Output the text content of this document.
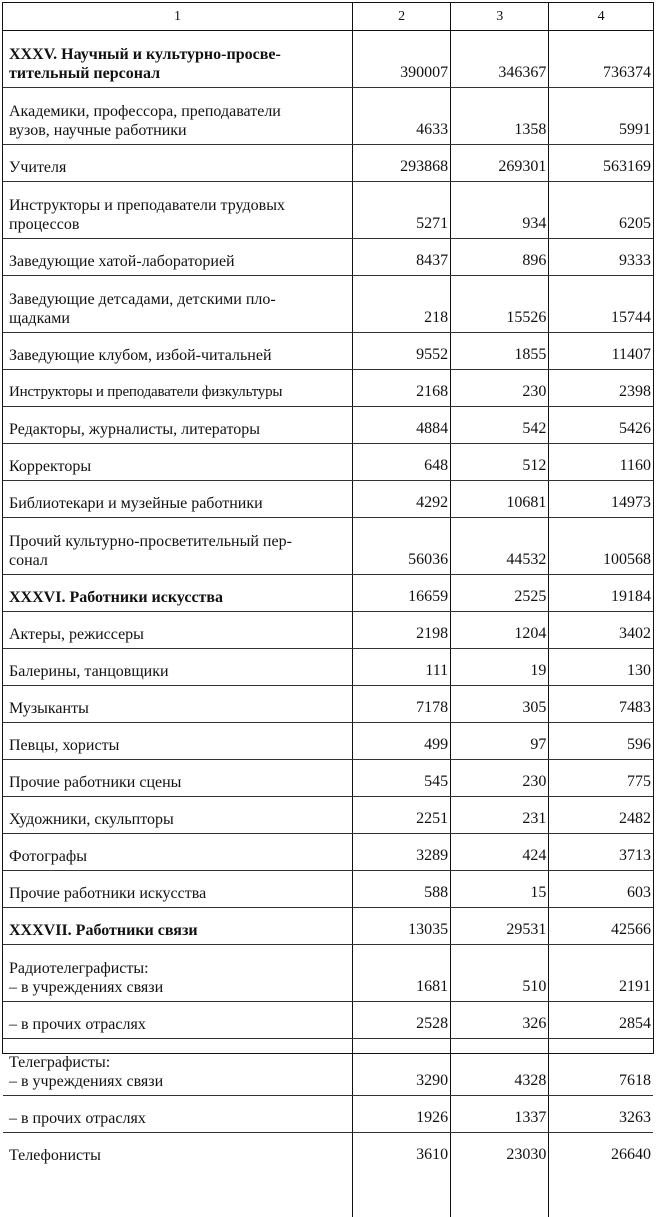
1	2	3	4

XXXV. Научный и культурно-просве-
тительный персонал	390007	346367	736374

Академики, профессора, преподаватели
вузов, научные работники	4633	1358	5991

Учителя	293868	269301	563169

Инструкторы и преподаватели трудовых
процессов	5271	934	6205

Заведующие хатой-лабораторией	8437	896	9333

Заведующие детсадами, детскими пло-
щадками	218	15526	15744

Заведующие клубом, избой-читальней	9552	1855	11407

Инструкторы и преподаватели физкультуры	2168	230	2398

Редакторы, журналисты, литераторы	4884	542	5426

Корректоры	648	512	1160

Библиотекари и музейные работники	4292	10681	14973

Прочий культурно-просветительный пер-
сонал	56036	44532	100568

XXXVI. Работники искусства	16659	2525	19184

Актеры, режиссеры	2198	1204	3402

Балерины, танцовщики	111	19	130

Музыканты	7178	305	7483

Певцы, хористы	499	97	596

Прочие работники сцены	545	230	775

Художники, скульпторы	2251	231	2482

Фотографы	3289	424	3713

Прочие работники искусства	588	15	603

XXXVII. Работники связи	13035	29531	42566

Радиотелеграфисты:
– в учреждениях связи	1681	510	2191

– в прочих отраслях	2528	326	2854

Телеграфисты:
– в учреждениях связи	3290	4328	7618

– в прочих отраслях	1926	1337	3263

Телефонисты	3610	23030	26640
